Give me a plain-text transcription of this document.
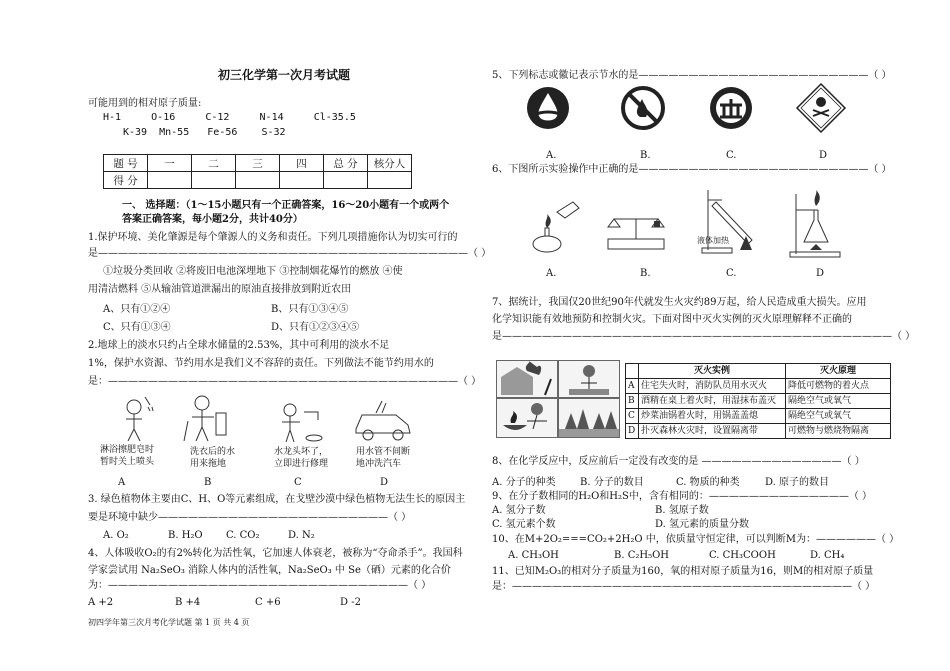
初三化学第一次月考试题
可能用到的相对原子质量:
H-1     O-16     C-12     N-14     Cl-35.5
K-39  Mn-55   Fe-56    S-32
题 号	一	二	三	四	总 分	核分人
得 分						
一、 选择题：（1～15小题只有一个正确答案，16～20小题有一个或两个
答案正确答案，每小题2分，共计40分）
1.保护环境、美化肇源是每个肇源人的义务和责任。下列几项措施你认为切实可行的
是—————————————————————————————————————（ ）
①垃圾分类回收 ②将废旧电池深埋地下 ③控制烟花爆竹的燃放 ④使
用清洁燃料 ⑤从输油管道泄漏出的原油直接排放到附近农田
A、只有①②④	B、只有①③④⑤
C、只有①③④	D、只有①②③④⑤
2.地球上的淡水只约占全球水储量的2.53%，其中可利用的淡水不足
1%，保护水资源、节约用水是我们义不容辞的责任。下列做法不能节约用水的
是：———————————————————————————————————（ ）
淋浴擦肥皂时
暂时关上喷头
洗衣后的水
用来拖地
水龙头坏了，
立即进行修理
用水管不间断
地冲洗汽车
A	B	C	D
3. 绿色植物体主要由C、H、O等元素组成，在戈壁沙漠中绿色植物无法生长的原因主
要是环境中缺少———————————————————————（ ）
A. O₂	B. H₂O C. CO₂	D. N₂
4、人体吸收O₂的有2%转化为活性氧，它加速人体衰老，被称为“夺命杀手”。我国科
学家尝试用 Na₂SeO₃ 消除人体内的活性氧，Na₂SeO₃ 中 Se（硒）元素的化合价
为：——————————————————————————————（ ）
A +2	B +4	C +6	D -2
初四学年第三次月考化学试题 第 1 页 共 4 页
5、下列标志或徽记表示节水的是———————————————————————（ ）
A.	B.	C.	D
6、下图所示实验操作中正确的是———————————————————————（ ）
液体加热
A.	B.	C.	D
7、据统计，我国仅20世纪90年代就发生火灾约89万起，给人民造成重大损失。应用
化学知识能有效地预防和控制火灾。下面对图中灭火实例的灭火原理解释不正确的
是———————————————————————————————————————（ ）
	灭火实例	灭火原理
A	住宅失火时，消防队员用水灭火	降低可燃物的着火点
B	酒精在桌上着火时，用湿抹布盖灭	隔绝空气或氧气
C	炒菜油锅着火时，用锅盖盖熄	隔绝空气或氧气
D	扑灭森林火灾时，设置隔离带	可燃物与燃烧物隔离
8、在化学反应中，反应前后一定没有改变的是 ——————————————（ ）
A. 分子的种类 B. 分子的数目	C. 物质的种类	D. 原子的数目
9、在分子数相同的H₂O和H₂S中，含有相同的：——————————————（ ）
A. 氢分子数	B. 氢原子数
C. 氢元素个数	D. 氢元素的质量分数
10、在M+2O₂===CO₂+2H₂O 中，依质量守恒定律，可以判断M为：——————（ ）
A. CH₃OH	B. C₂H₅OH	C. CH₃COOH	D. CH₄
11、已知M₂O₃的相对分子质量为160，氧的相对原子质量为16，则M的相对原子质量
是：——————————————————————————————————（ ）
